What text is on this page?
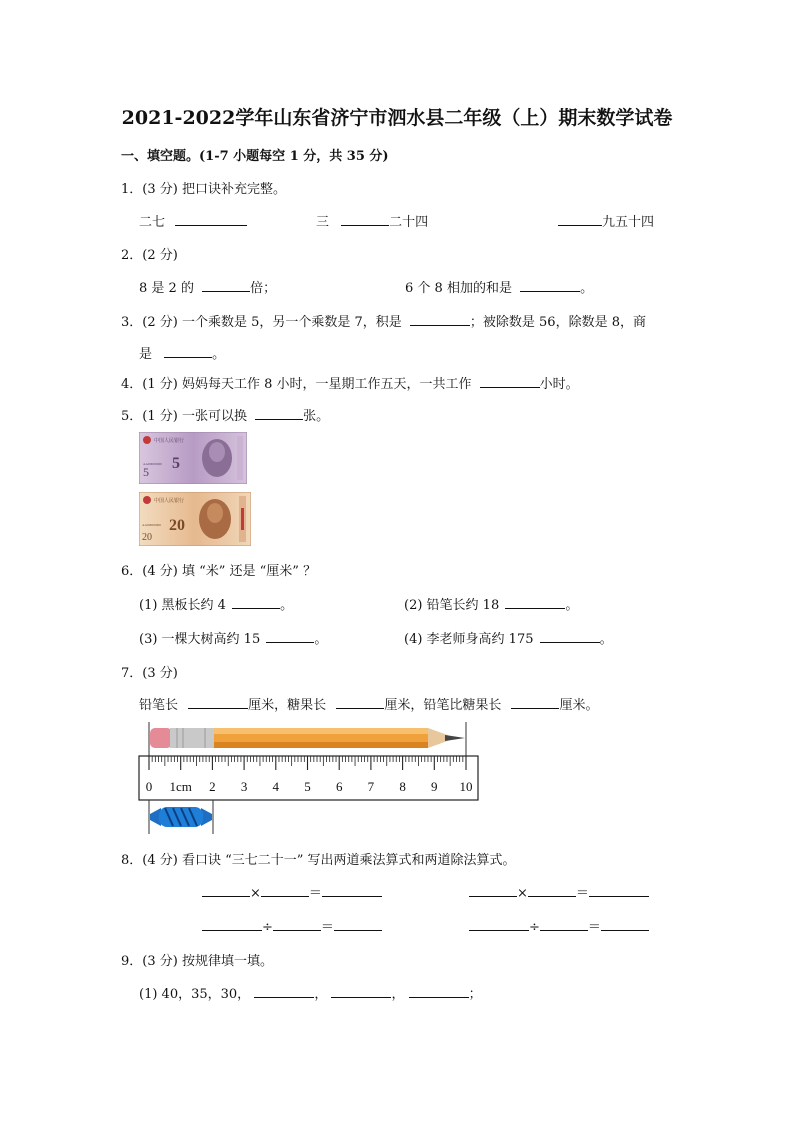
2021-2022学年山东省济宁市泗水县二年级（上）期末数学试卷
一、填空题。(1-7 小题每空 1 分，共 35 分)
1．(3 分) 把口诀补充完整。
二七	三	二十四	九五十四
2．(2 分)
8 是 2 的	倍；	6 个 8 相加的和是	。
3．(2 分) 一个乘数是 5，另一个乘数是 7，积是	；被除数是 56，除数是 8，商
是	。
4．(1 分) 妈妈每天工作 8 小时，一星期工作五天，一共工作	小时。
5．(1 分) 一张可以换	张。
中国人民银行
5
5
AA00000000
中国人民银行
20
20
AA00000000
6．(4 分) 填 “米” 还是 “厘米” ？
(1) 黑板长约 4	。	(2) 铅笔长约 18	。
(3) 一棵大树高约 15	。	(4) 李老师身高约 175	。
7．(3 分)
铅笔长	厘米，糖果长	厘米，铅笔比糖果长	厘米。
0 1cm 2 3 4 5 6 7 8 9 10
8．(4 分) 看口诀 “三七二十一” 写出两道乘法算式和两道除法算式。
×	＝	×	＝
÷	＝	÷	＝
9．(3 分) 按规律填一填。
(1) 40，35，30，	，	，	；
